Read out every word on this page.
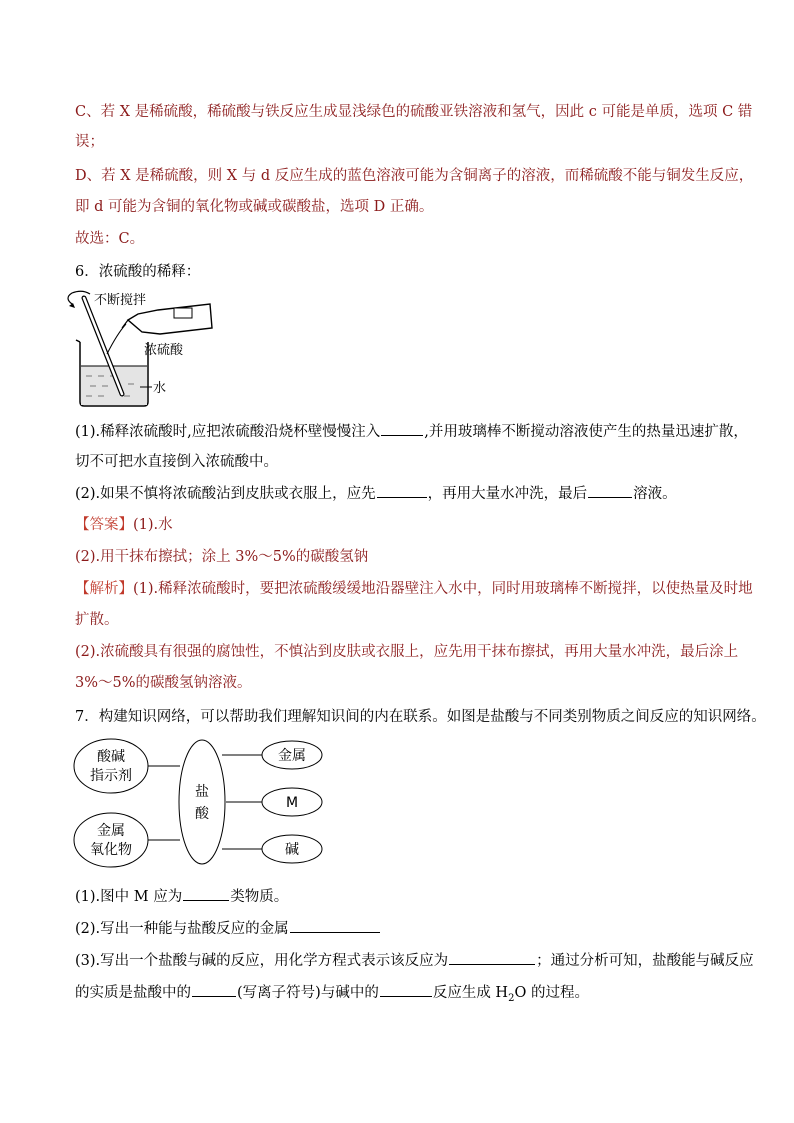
C、若 X 是稀硫酸，稀硫酸与铁反应生成显浅绿色的硫酸亚铁溶液和氢气，因此 c 可能是单质，选项 C 错
误；
D、若 X 是稀硫酸，则 X 与 d 反应生成的蓝色溶液可能为含铜离子的溶液，而稀硫酸不能与铜发生反应，
即 d 可能为含铜的氧化物或碱或碳酸盐，选项 D 正确。
故选：C。
6．浓硫酸的稀释：
不断搅拌
浓硫酸
水
(1).稀释浓硫酸时,应把浓硫酸沿烧杯壁慢慢注入	,并用玻璃棒不断搅动溶液使产生的热量迅速扩散，
切不可把水直接倒入浓硫酸中。
(2).如果不慎将浓硫酸沾到皮肤或衣服上，应先	，再用大量水冲洗，最后	溶液。
【答案】(1).水
(2).用干抹布擦拭；涂上 3%～5%的碳酸氢钠
【解析】(1).稀释浓硫酸时，要把浓硫酸缓缓地沿器壁注入水中，同时用玻璃棒不断搅拌，以使热量及时地
扩散。
(2).浓硫酸具有很强的腐蚀性，不慎沾到皮肤或衣服上，应先用干抹布擦拭，再用大量水冲洗，最后涂上
3%～5%的碳酸氢钠溶液。
7．构建知识网络，可以帮助我们理解知识间的内在联系。如图是盐酸与不同类别物质之间反应的知识网络。
酸碱
指示剂
金属
氧化物
盐
酸
金属
M
碱
(1).图中 M 应为	类物质。
(2).写出一种能与盐酸反应的金属
(3).写出一个盐酸与碱的反应，用化学方程式表示该反应为	；通过分析可知，盐酸能与碱反应
的实质是盐酸中的	(写离子符号)与碱中的	反应生成 $H_2O$ 的过程。
